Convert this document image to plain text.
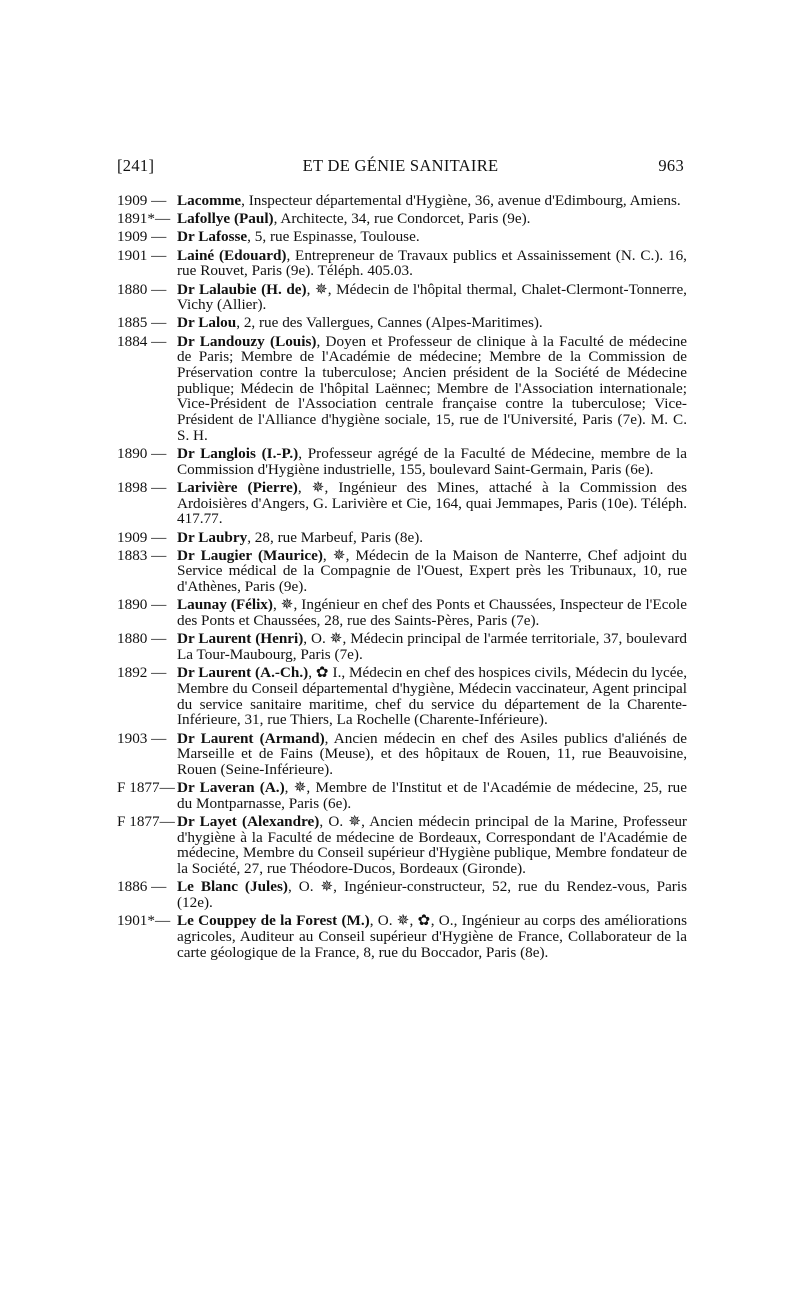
[241]	ET DE GÉNIE SANITAIRE	963
1909 — Lacomme, Inspecteur départemental d'Hygiène, 36, avenue d'Edimbourg, Amiens.
1891*— Lafollye (Paul), Architecte, 34, rue Condorcet, Paris (9e).
1909 — Dr Lafosse, 5, rue Espinasse, Toulouse.
1901 — Lainé (Edouard), Entrepreneur de Travaux publics et Assainissement (N. C.). 16, rue Rouvet, Paris (9e). Téléph. 405.03.
1880 — Dr Lalaubie (H. de), ✵, Médecin de l'hôpital thermal, Chalet-Clermont-Tonnerre, Vichy (Allier).
1885 — Dr Lalou, 2, rue des Vallergues, Cannes (Alpes-Maritimes).
1884 — Dr Landouzy (Louis), Doyen et Professeur de clinique à la Faculté de médecine de Paris; Membre de l'Académie de médecine; Membre de la Commission de Préservation contre la tuberculose; Ancien président de la Société de Médecine publique; Médecin de l'hôpital Laënnec; Membre de l'Association internationale; Vice-Président de l'Association centrale française contre la tuberculose; Vice-Président de l'Alliance d'hygiène sociale, 15, rue de l'Université, Paris (7e). M. C. S. H.
1890 — Dr Langlois (I.-P.), Professeur agrégé de la Faculté de Médecine, membre de la Commission d'Hygiène industrielle, 155, boulevard Saint-Germain, Paris (6e).
1898 — Larivière (Pierre), ✵, Ingénieur des Mines, attaché à la Commission des Ardoisières d'Angers, G. Larivière et Cie, 164, quai Jemmapes, Paris (10e). Téléph. 417.77.
1909 — Dr Laubry, 28, rue Marbeuf, Paris (8e).
1883 — Dr Laugier (Maurice), ✵, Médecin de la Maison de Nanterre, Chef adjoint du Service médical de la Compagnie de l'Ouest, Expert près les Tribunaux, 10, rue d'Athènes, Paris (9e).
1890 — Launay (Félix), ✵, Ingénieur en chef des Ponts et Chaussées, Inspecteur de l'Ecole des Ponts et Chaussées, 28, rue des Saints-Pères, Paris (7e).
1880 — Dr Laurent (Henri), O. ✵, Médecin principal de l'armée territoriale, 37, boulevard La Tour-Maubourg, Paris (7e).
1892 — Dr Laurent (A.-Ch.), ✿ I., Médecin en chef des hospices civils, Médecin du lycée, Membre du Conseil départemental d'hygiène, Médecin vaccinateur, Agent principal du service sanitaire maritime, chef du service du département de la Charente-Inférieure, 31, rue Thiers, La Rochelle (Charente-Inférieure).
1903 — Dr Laurent (Armand), Ancien médecin en chef des Asiles publics d'aliénés de Marseille et de Fains (Meuse), et des hôpitaux de Rouen, 11, rue Beauvoisine, Rouen (Seine-Inférieure).
F 1877— Dr Laveran (A.), ✵, Membre de l'Institut et de l'Académie de médecine, 25, rue du Montparnasse, Paris (6e).
F 1877— Dr Layet (Alexandre), O. ✵, Ancien médecin principal de la Marine, Professeur d'hygiène à la Faculté de médecine de Bordeaux, Correspondant de l'Académie de médecine, Membre du Conseil supérieur d'Hygiène publique, Membre fondateur de la Société, 27, rue Théodore-Ducos, Bordeaux (Gironde).
1886 — Le Blanc (Jules), O. ✵, Ingénieur-constructeur, 52, rue du Rendez-vous, Paris (12e).
1901*— Le Couppey de la Forest (M.), O. ✵, ✿, O., Ingénieur au corps des améliorations agricoles, Auditeur au Conseil supérieur d'Hygiène de France, Collaborateur de la carte géologique de la France, 8, rue du Boccador, Paris (8e).
